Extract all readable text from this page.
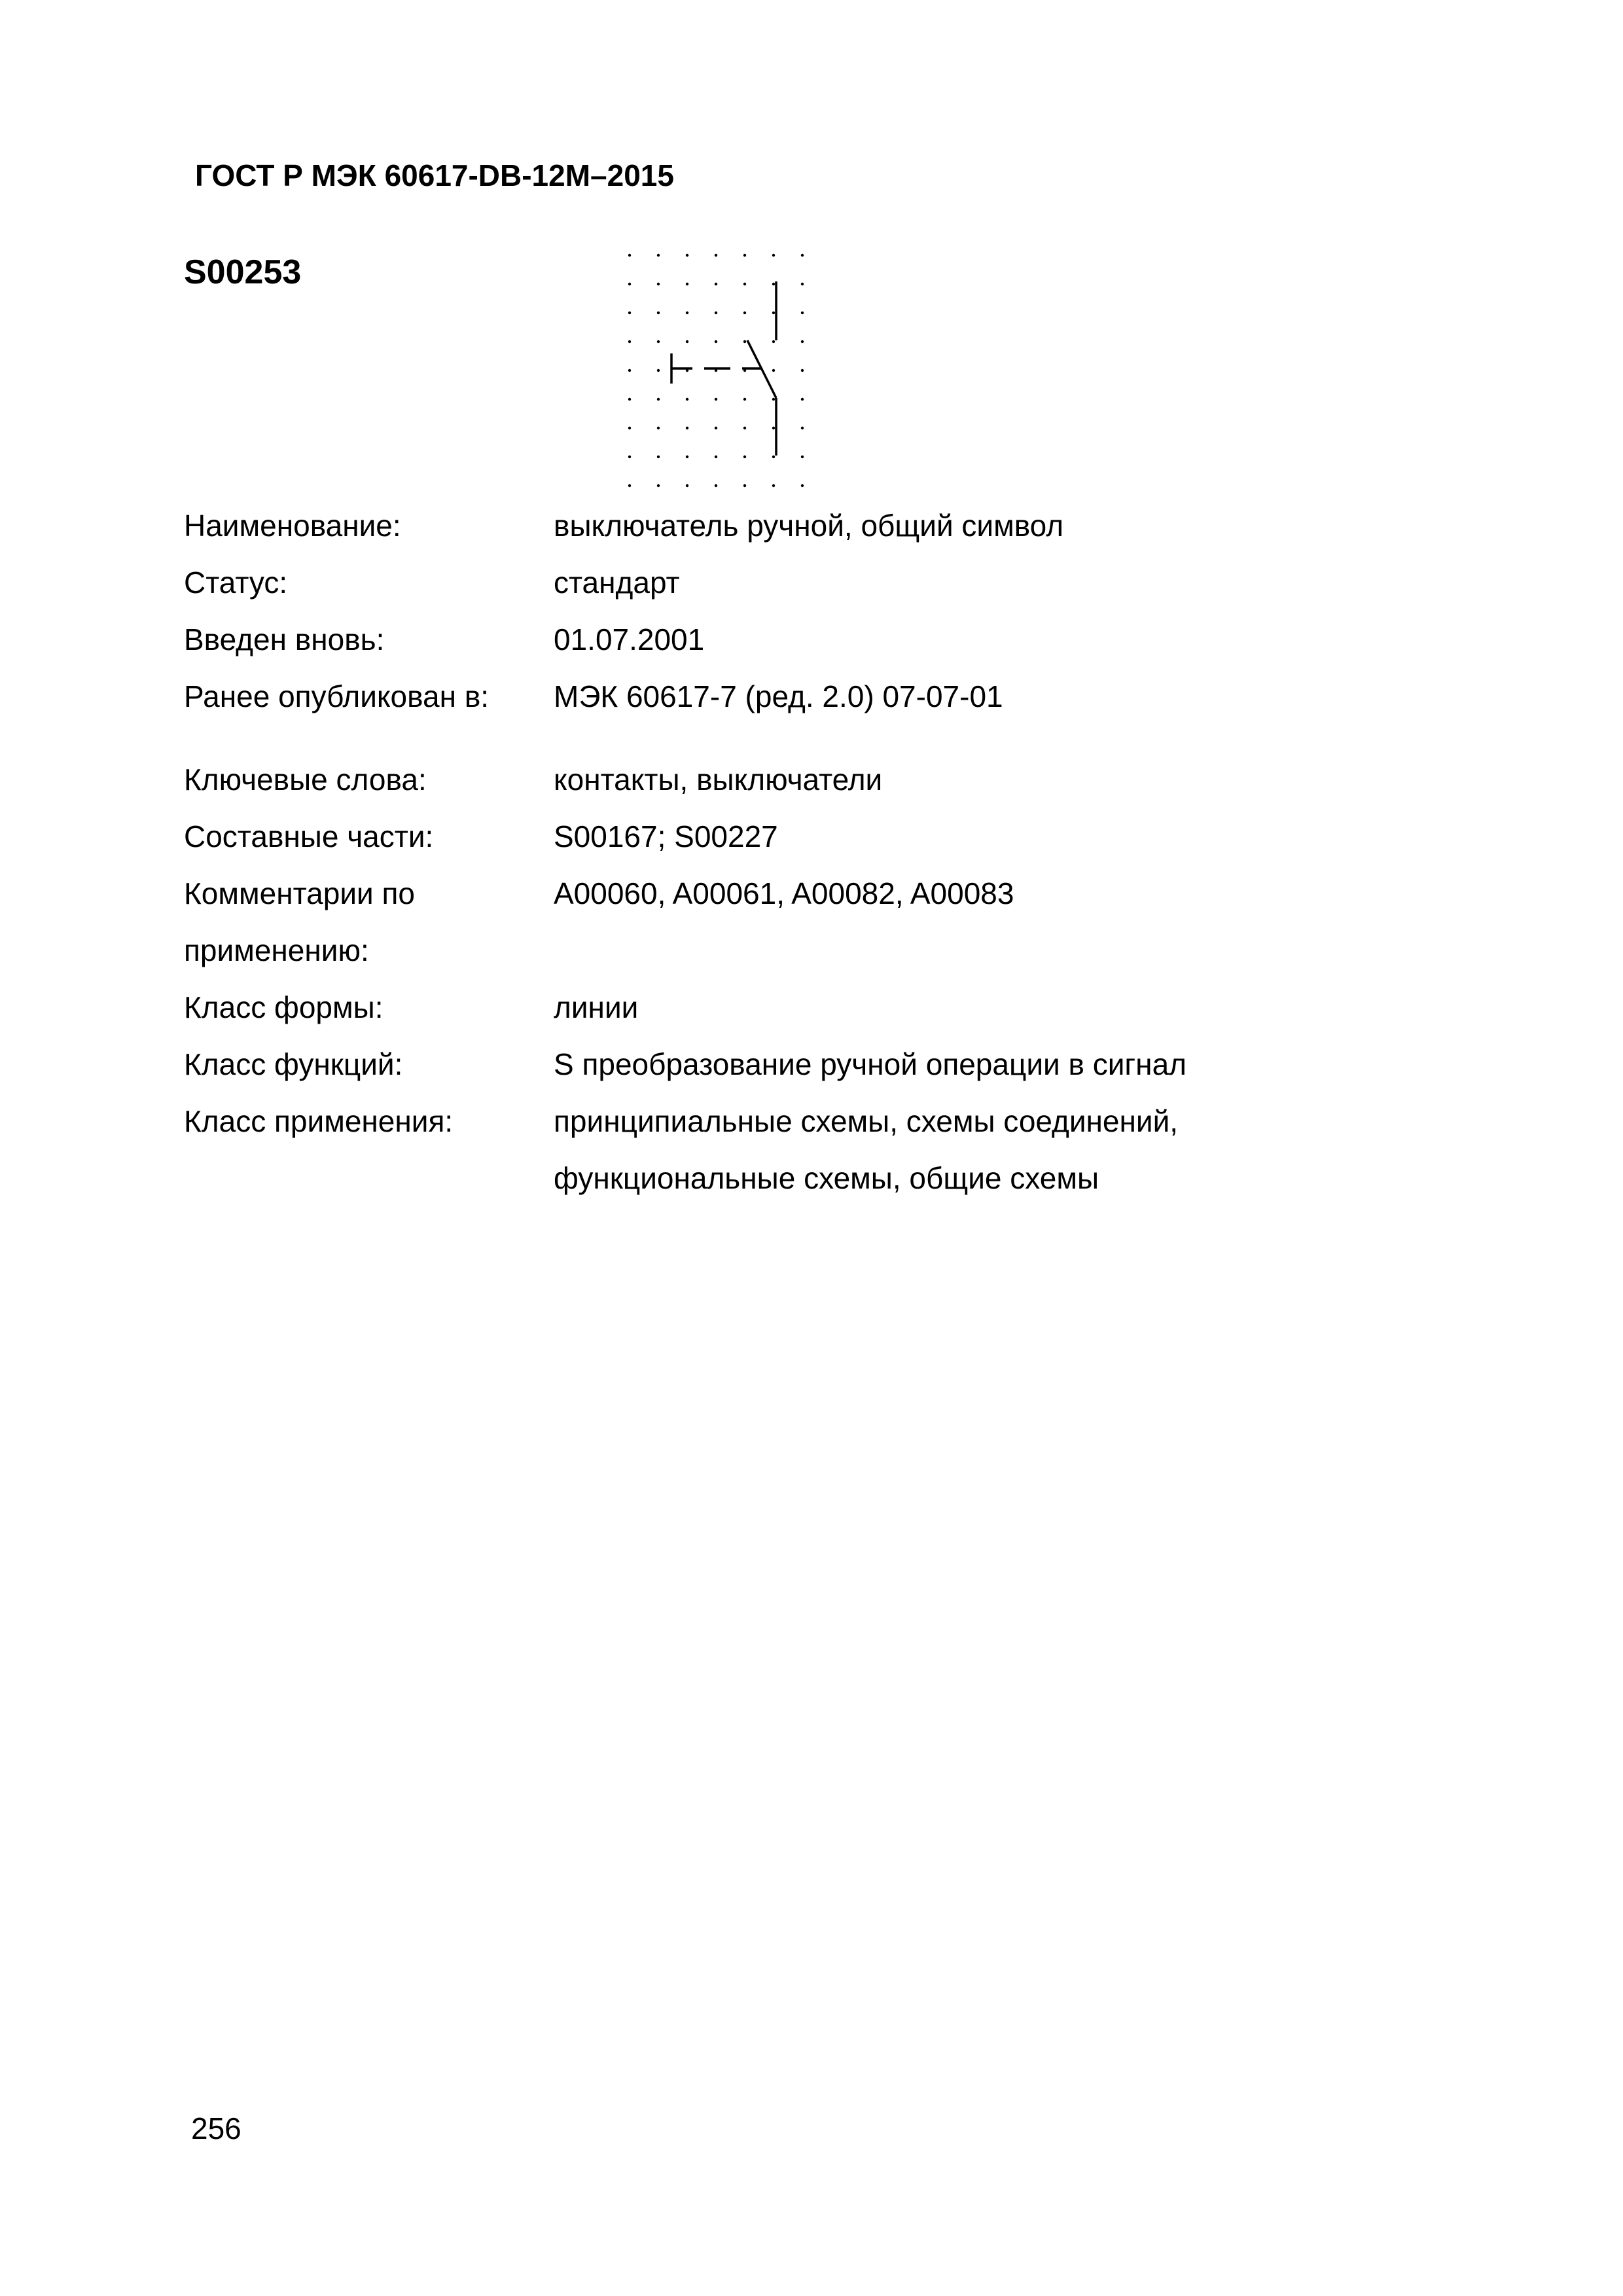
ГОСТ Р МЭК 60617-DB-12M–2015
S00253
Наименование:	выключатель ручной, общий символ
Статус:	стандарт
Введен вновь:	01.07.2001
Ранее опубликован в:	МЭК 60617-7 (ред. 2.0) 07-07-01
Ключевые слова:	контакты, выключатели
Составные части:	S00167; S00227
Комментарии по применению:
A00060, A00061, A00082, A00083
Класс формы:	линии
Класс функций:	S преобразование ручной операции в сигнал
Класс применения:	принципиальные схемы, схемы соединений,
функциональные схемы, общие схемы
256
